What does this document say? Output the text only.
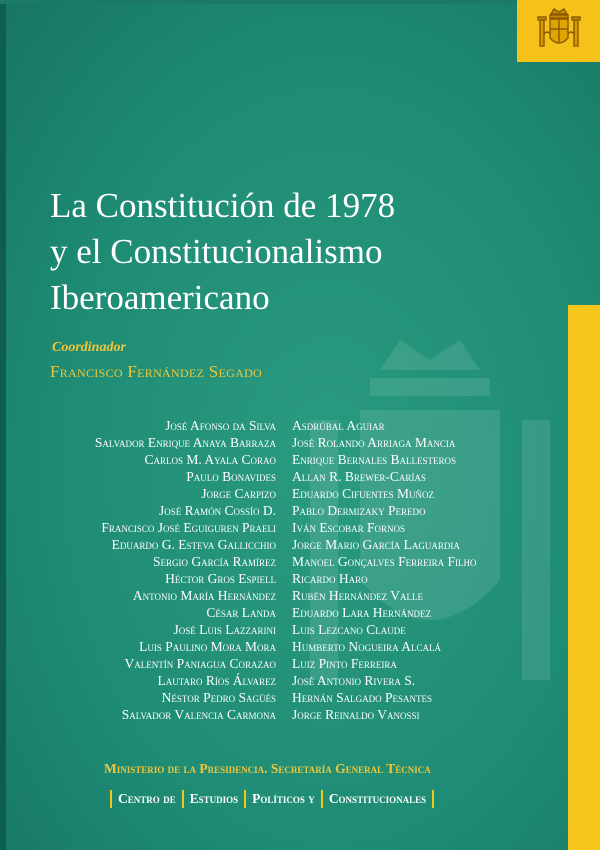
La Constitución de 1978
y el Constitucionalismo
Iberoamericano
Coordinador
Francisco Fernández Segado
José Afonso da Silva
Salvador Enrique Anaya Barraza
Carlos M. Ayala Corao
Paulo Bonavides
Jorge Carpizo
José Ramón Cossío D.
Francisco José Eguiguren Praeli
Eduardo G. Esteva Gallicchio
Sergio García Ramírez
Héctor Gros Espiell
Antonio María Hernández
César Landa
José Luis Lazzarini
Luis Paulino Mora Mora
Valentín Paniagua Corazao
Lautaro Ríos Álvarez
Néstor Pedro Sagüés
Salvador Valencia Carmona
Asdrúbal Aguiar
José Rolando Arriaga Mancia
Enrique Bernales Ballesteros
Allan R. Brewer-Carías
Eduardo Cifuentes Muñoz
Pablo Dermizaky Peredo
Iván Escobar Fornos
Jorge Mario García Laguardia
Manoel Gonçalves Ferreira Filho
Ricardo Haro
Rubén Hernández Valle
Eduardo Lara Hernández
Luis Lezcano Claude
Humberto Nogueira Alcalá
Luiz Pinto Ferreira
José Antonio Rivera S.
Hernán Salgado Pesantes
Jorge Reinaldo Vanossi
Ministerio de la Presidencia. Secretaría General Técnica
Centro de Estudios Políticos y Constitucionales
